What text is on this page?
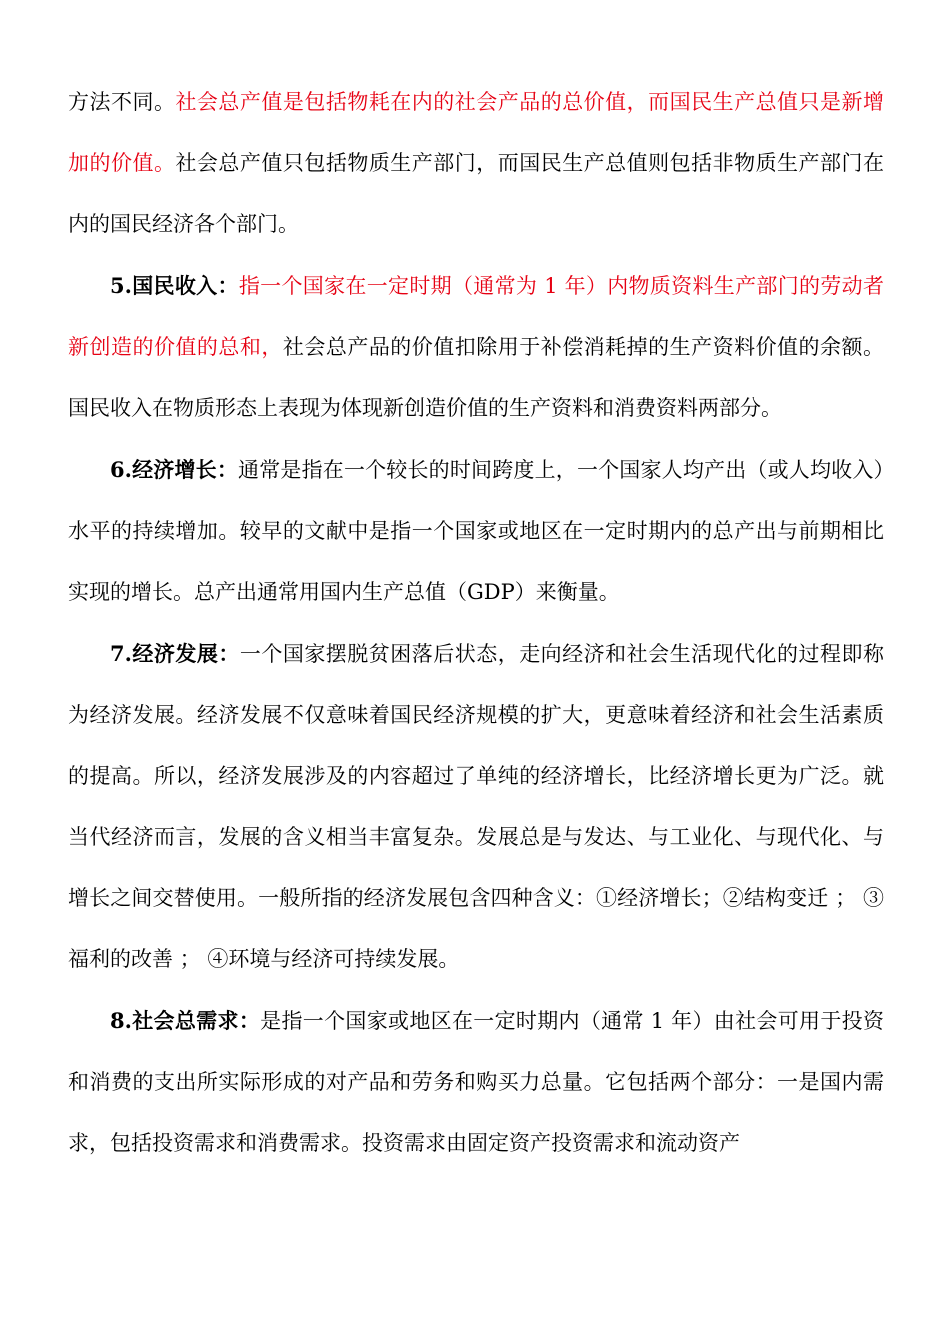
方法不同。社会总产值是包括物耗在内的社会产品的总价值，而国民生产总值只是新增加的价值。社会总产值只包括物质生产部门，而国民生产总值则包括非物质生产部门在内的国民经济各个部门。

5.国民收入：指一个国家在一定时期（通常为 1 年）内物质资料生产部门的劳动者新创造的价值的总和，社会总产品的价值扣除用于补偿消耗掉的生产资料价值的余额。国民收入在物质形态上表现为体现新创造价值的生产资料和消费资料两部分。

6.经济增长：通常是指在一个较长的时间跨度上，一个国家人均产出（或人均收入）水平的持续增加。较早的文献中是指一个国家或地区在一定时期内的总产出与前期相比实现的增长。总产出通常用国内生产总值（GDP）来衡量。

7.经济发展：一个国家摆脱贫困落后状态，走向经济和社会生活现代化的过程即称为经济发展。经济发展不仅意味着国民经济规模的扩大，更意味着经济和社会生活素质的提高。所以，经济发展涉及的内容超过了单纯的经济增长，比经济增长更为广泛。就当代经济而言，发展的含义相当丰富复杂。发展总是与发达、与工业化、与现代化、与增长之间交替使用。一般所指的经济发展包含四种含义：①经济增长；②结构变迁 ； ③福利的改善 ； ④环境与经济可持续发展。

8.社会总需求：是指一个国家或地区在一定时期内（通常 1 年）由社会可用于投资和消费的支出所实际形成的对产品和劳务和购买力总量。它包括两个部分：一是国内需求，包括投资需求和消费需求。投资需求由固定资产投资需求和流动资产
